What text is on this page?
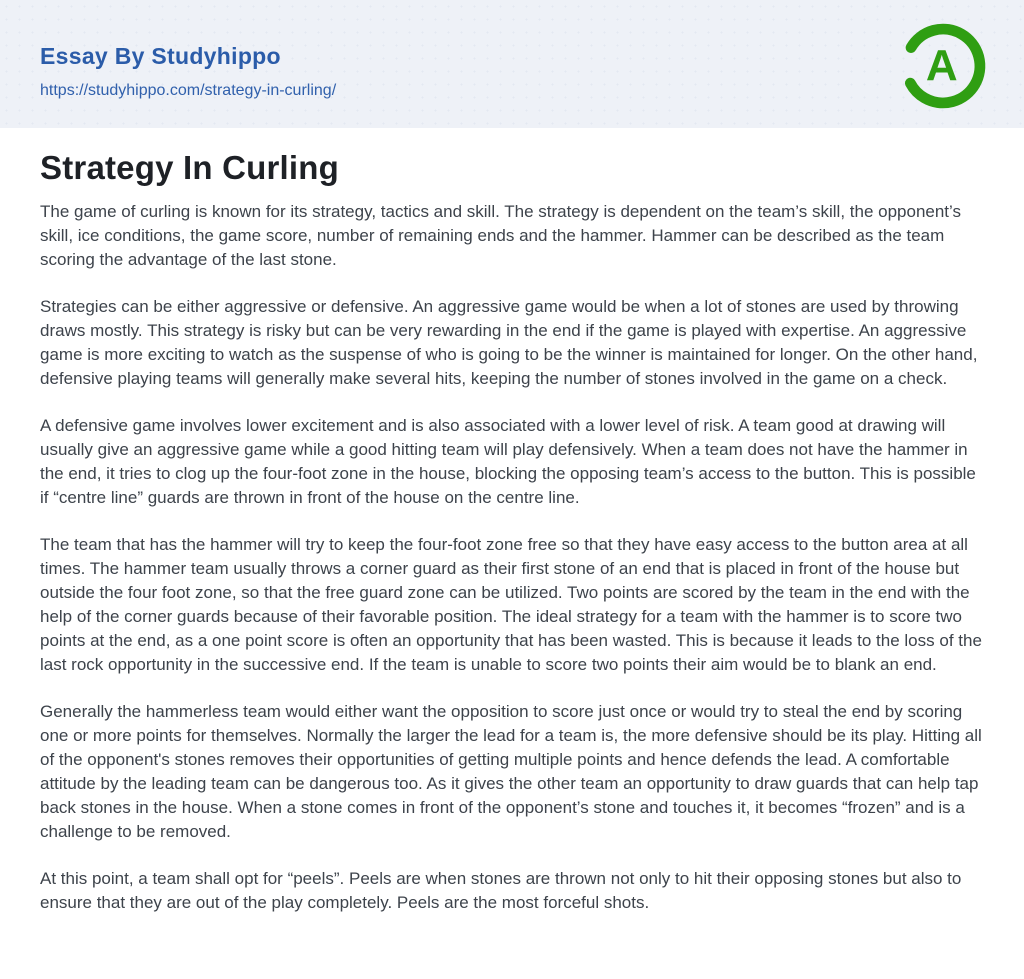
Essay By Studyhippo
https://studyhippo.com/strategy-in-curling/
A
Strategy In Curling

The game of curling is known for its strategy, tactics and skill. The strategy is dependent on the team’s skill, the opponent’s skill, ice conditions, the game score, number of remaining ends and the hammer. Hammer can be described as the team scoring the advantage of the last stone.

Strategies can be either aggressive or defensive. An aggressive game would be when a lot of stones are used by throwing draws mostly. This strategy is risky but can be very rewarding in the end if the game is played with expertise. An aggressive game is more exciting to watch as the suspense of who is going to be the winner is maintained for longer. On the other hand, defensive playing teams will generally make several hits, keeping the number of stones involved in the game on a check.

A defensive game involves lower excitement and is also associated with a lower level of risk. A team good at drawing will usually give an aggressive game while a good hitting team will play defensively. When a team does not have the hammer in the end, it tries to clog up the four-foot zone in the house, blocking the opposing team’s access to the button. This is possible if “centre line” guards are thrown in front of the house on the centre line.

The team that has the hammer will try to keep the four-foot zone free so that they have easy access to the button area at all times. The hammer team usually throws a corner guard as their first stone of an end that is placed in front of the house but outside the four foot zone, so that the free guard zone can be utilized. Two points are scored by the team in the end with the help of the corner guards because of their favorable position. The ideal strategy for a team with the hammer is to score two points at the end, as a one point score is often an opportunity that has been wasted. This is because it leads to the loss of the last rock opportunity in the successive end. If the team is unable to score two points their aim would be to blank an end.

Generally the hammerless team would either want the opposition to score just once or would try to steal the end by scoring one or more points for themselves. Normally the larger the lead for a team is, the more defensive should be its play. Hitting all of the opponent's stones removes their opportunities of getting multiple points and hence defends the lead. A comfortable attitude by the leading team can be dangerous too. As it gives the other team an opportunity to draw guards that can help tap back stones in the house. When a stone comes in front of the opponent’s stone and touches it, it becomes “frozen” and is a challenge to be removed.

At this point, a team shall opt for “peels”. Peels are when stones are thrown not only to hit their opposing stones but also to ensure that they are out of the play completely. Peels are the most forceful shots.
